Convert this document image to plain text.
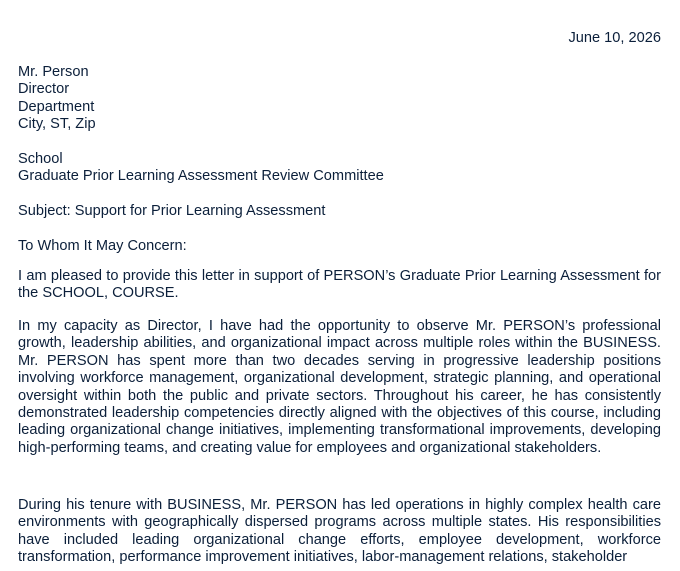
June 10, 2026
Mr. Person
Director
Department
City, ST, Zip
School
Graduate Prior Learning Assessment Review Committee
Subject: Support for Prior Learning Assessment
To Whom It May Concern:

I am pleased to provide this letter in support of PERSON’s Graduate Prior Learning Assessment for the SCHOOL, COURSE.

In my capacity as Director, I have had the opportunity to observe Mr. PERSON’s professional growth, leadership abilities, and organizational impact across multiple roles within the BUSINESS. Mr. PERSON has spent more than two decades serving in progressive leadership positions involving workforce management, organizational development, strategic planning, and operational oversight within both the public and private sectors. Throughout his career, he has consistently demonstrated leadership competencies directly aligned with the objectives of this course, including leading organizational change initiatives, implementing transformational improvements, developing high-performing teams, and creating value for employees and organizational stakeholders.

During his tenure with BUSINESS, Mr. PERSON has led operations in highly complex health care environments with geographically dispersed programs across multiple states. His responsibilities have included leading organizational change efforts, employee development, workforce transformation, performance improvement initiatives, labor-management relations, stakeholder
